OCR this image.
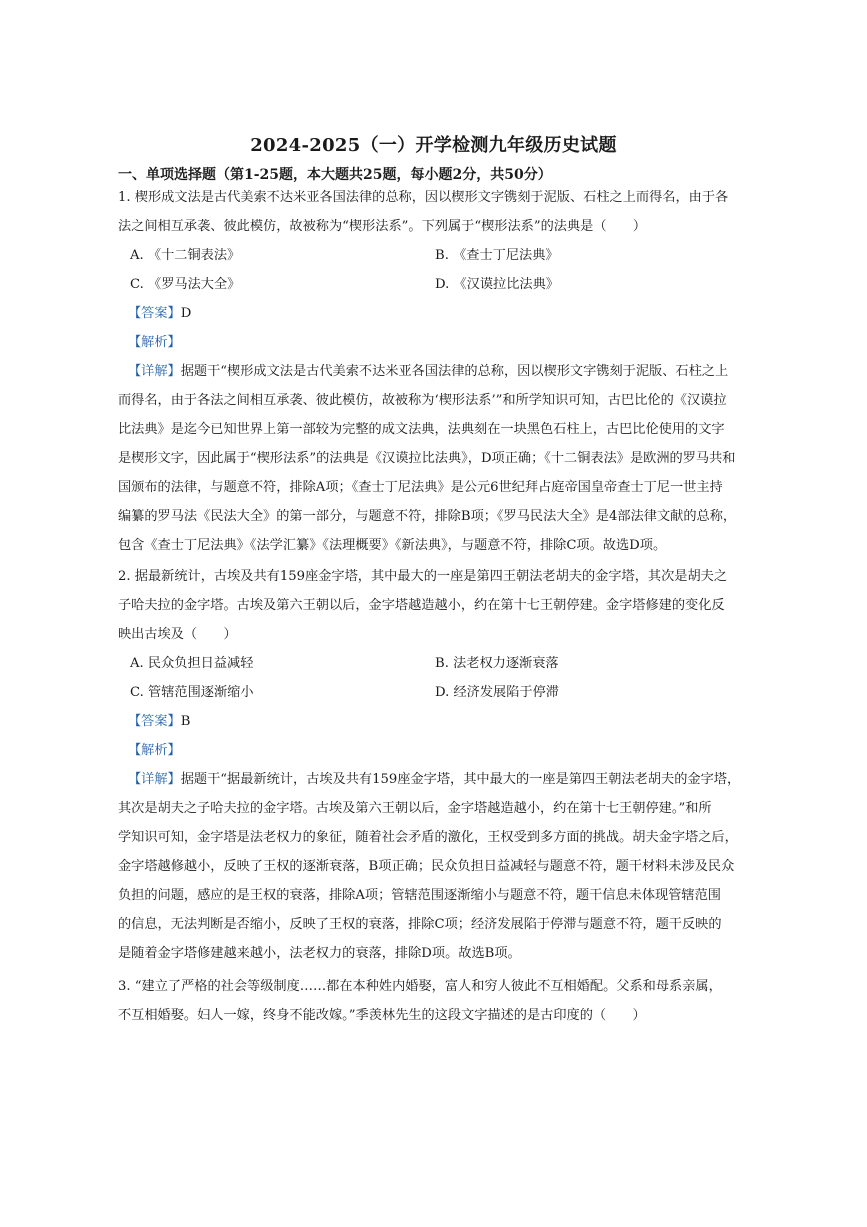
2024-2025（一）开学检测九年级历史试题
一、单项选择题（第1-25题，本大题共25题，每小题2分，共50分）
1. 楔形成文法是古代美索不达米亚各国法律的总称，因以楔形文字镌刻于泥版、石柱之上而得名，由于各
法之间相互承袭、彼此模仿，故被称为“楔形法系”。下列属于“楔形法系”的法典是（　　）
A. 《十二铜表法》	B. 《查士丁尼法典》
C. 《罗马法大全》	D. 《汉谟拉比法典》
【答案】D
【解析】
【详解】据题干“楔形成文法是古代美索不达米亚各国法律的总称，因以楔形文字镌刻于泥版、石柱之上
而得名，由于各法之间相互承袭、彼此模仿，故被称为‘楔形法系’”和所学知识可知，古巴比伦的《汉谟拉
比法典》是迄今已知世界上第一部较为完整的成文法典，法典刻在一块黑色石柱上，古巴比伦使用的文字
是楔形文字，因此属于“楔形法系”的法典是《汉谟拉比法典》，D项正确；《十二铜表法》是欧洲的罗马共和
国颁布的法律，与题意不符，排除A项；《查士丁尼法典》是公元6世纪拜占庭帝国皇帝查士丁尼一世主持
编纂的罗马法《民法大全》的第一部分，与题意不符，排除B项；《罗马民法大全》是4部法律文献的总称，
包含《查士丁尼法典》《法学汇纂》《法理概要》《新法典》，与题意不符，排除C项。故选D项。
2. 据最新统计，古埃及共有159座金字塔，其中最大的一座是第四王朝法老胡夫的金字塔，其次是胡夫之
子哈夫拉的金字塔。古埃及第六王朝以后，金字塔越造越小，约在第十七王朝停建。金字塔修建的变化反
映出古埃及（　　）
A. 民众负担日益减轻	B. 法老权力逐渐衰落
C. 管辖范围逐渐缩小	D. 经济发展陷于停滞
【答案】B
【解析】
【详解】据题干“据最新统计，古埃及共有159座金字塔，其中最大的一座是第四王朝法老胡夫的金字塔，
其次是胡夫之子哈夫拉的金字塔。古埃及第六王朝以后，金字塔越造越小，约在第十七王朝停建。”和所
学知识可知，金字塔是法老权力的象征，随着社会矛盾的激化，王权受到多方面的挑战。胡夫金字塔之后，
金字塔越修越小，反映了王权的逐渐衰落，B项正确；民众负担日益减轻与题意不符，题干材料未涉及民众
负担的问题，感应的是王权的衰落，排除A项；管辖范围逐渐缩小与题意不符，题干信息未体现管辖范围
的信息，无法判断是否缩小，反映了王权的衰落，排除C项；经济发展陷于停滞与题意不符，题干反映的
是随着金字塔修建越来越小，法老权力的衰落，排除D项。故选B项。
3. “建立了严格的社会等级制度……都在本种姓内婚娶，富人和穷人彼此不互相婚配。父系和母系亲属，
不互相婚娶。妇人一嫁，终身不能改嫁。”季羡林先生的这段文字描述的是古印度的（　　）
